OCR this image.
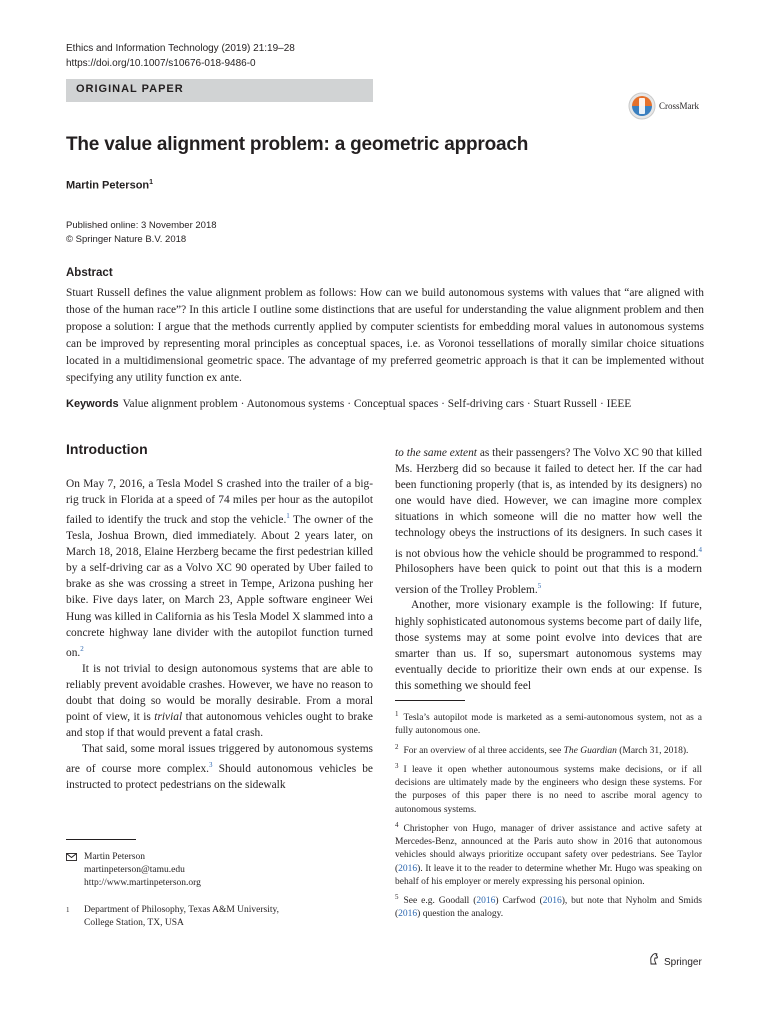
Ethics and Information Technology (2019) 21:19–28
https://doi.org/10.1007/s10676-018-9486-0
ORIGINAL PAPER
CrossMark
The value alignment problem: a geometric approach
Martin Peterson$^1$
Published online: 3 November 2018
© Springer Nature B.V. 2018
Abstract
Stuart Russell defines the value alignment problem as follows: How can we build autonomous systems with values that “are aligned with those of the human race”? In this article I outline some distinctions that are useful for understanding the value alignment problem and then propose a solution: I argue that the methods currently applied by computer scientists for embedding moral values in autonomous systems can be improved by representing moral principles as conceptual spaces, i.e. as Voronoi tessellations of morally similar choice situations located in a multidimensional geometric space. The advantage of my preferred geometric approach is that it can be implemented without specifying any utility function ex ante.
Keywords Value alignment problem · Autonomous systems · Conceptual spaces · Self-driving cars · Stuart Russell · IEEE
Introduction

On May 7, 2016, a Tesla Model S crashed into the trailer of a big-rig truck in Florida at a speed of 74 miles per hour as the autopilot failed to identify the truck and stop the vehicle.$^1$ The owner of the Tesla, Joshua Brown, died immediately. About 2 years later, on March 18, 2018, Elaine Herzberg became the first pedestrian killed by a self-driving car as a Volvo XC 90 operated by Uber failed to brake as she was crossing a street in Tempe, Arizona pushing her bike. Five days later, on March 23, Apple software engineer Wei Hung was killed in California as his Tesla Model X slammed into a concrete highway lane divider with the autopilot function turned on.$^2$

It is not trivial to design autonomous systems that are able to reliably prevent avoidable crashes. However, we have no reason to doubt that doing so would be morally desirable. From a moral point of view, it is trivial that autonomous vehicles ought to brake and stop if that would prevent a fatal crash.

That said, some moral issues triggered by autonomous systems are of course more complex.$^3$ Should autonomous vehicles be instructed to protect pedestrians on the sidewalk

to the same extent as their passengers? The Volvo XC 90 that killed Ms. Herzberg did so because it failed to detect her. If the car had been functioning properly (that is, as intended by its designers) no one would have died. However, we can imagine more complex situations in which someone will die no matter how well the technology obeys the instructions of its designers. In such cases it is not obvious how the vehicle should be programmed to respond.$^4$ Philosophers have been quick to point out that this is a modern version of the Trolley Problem.$^5$

Another, more visionary example is the following: If future, highly sophisticated autonomous systems become part of daily life, those systems may at some point evolve into devices that are smarter than us. If so, supersmart autonomous systems may eventually decide to prioritize their own ends at our expense. Is this something we should feel

Martin Peterson
martinpeterson@tamu.edu
http://www.martinpeterson.org
1 Department of Philosophy, Texas A&M University,
College Station, TX, USA
$^1$ Tesla’s autopilot mode is marketed as a semi-autonomous system, not as a fully autonomous one.
$^2$ For an overview of al three accidents, see The Guardian (March 31, 2018).
$^3$ I leave it open whether autonoumous systems make decisions, or if all decisions are ultimately made by the engineers who design these systems. For the purposes of this paper there is no need to ascribe moral agency to autonomous systems.
$^4$ Christopher von Hugo, manager of driver assistance and active safety at Mercedes-Benz, announced at the Paris auto show in 2016 that autonomous vehicles should always prioritize occupant safety over pedestrians. See Taylor (2016). It leave it to the reader to determine whether Mr. Hugo was speaking on behalf of his employer or merely expressing his personal opinion.
$^5$ See e.g. Goodall (2016) Carfwod (2016), but note that Nyholm and Smids (2016) question the analogy.
Springer
